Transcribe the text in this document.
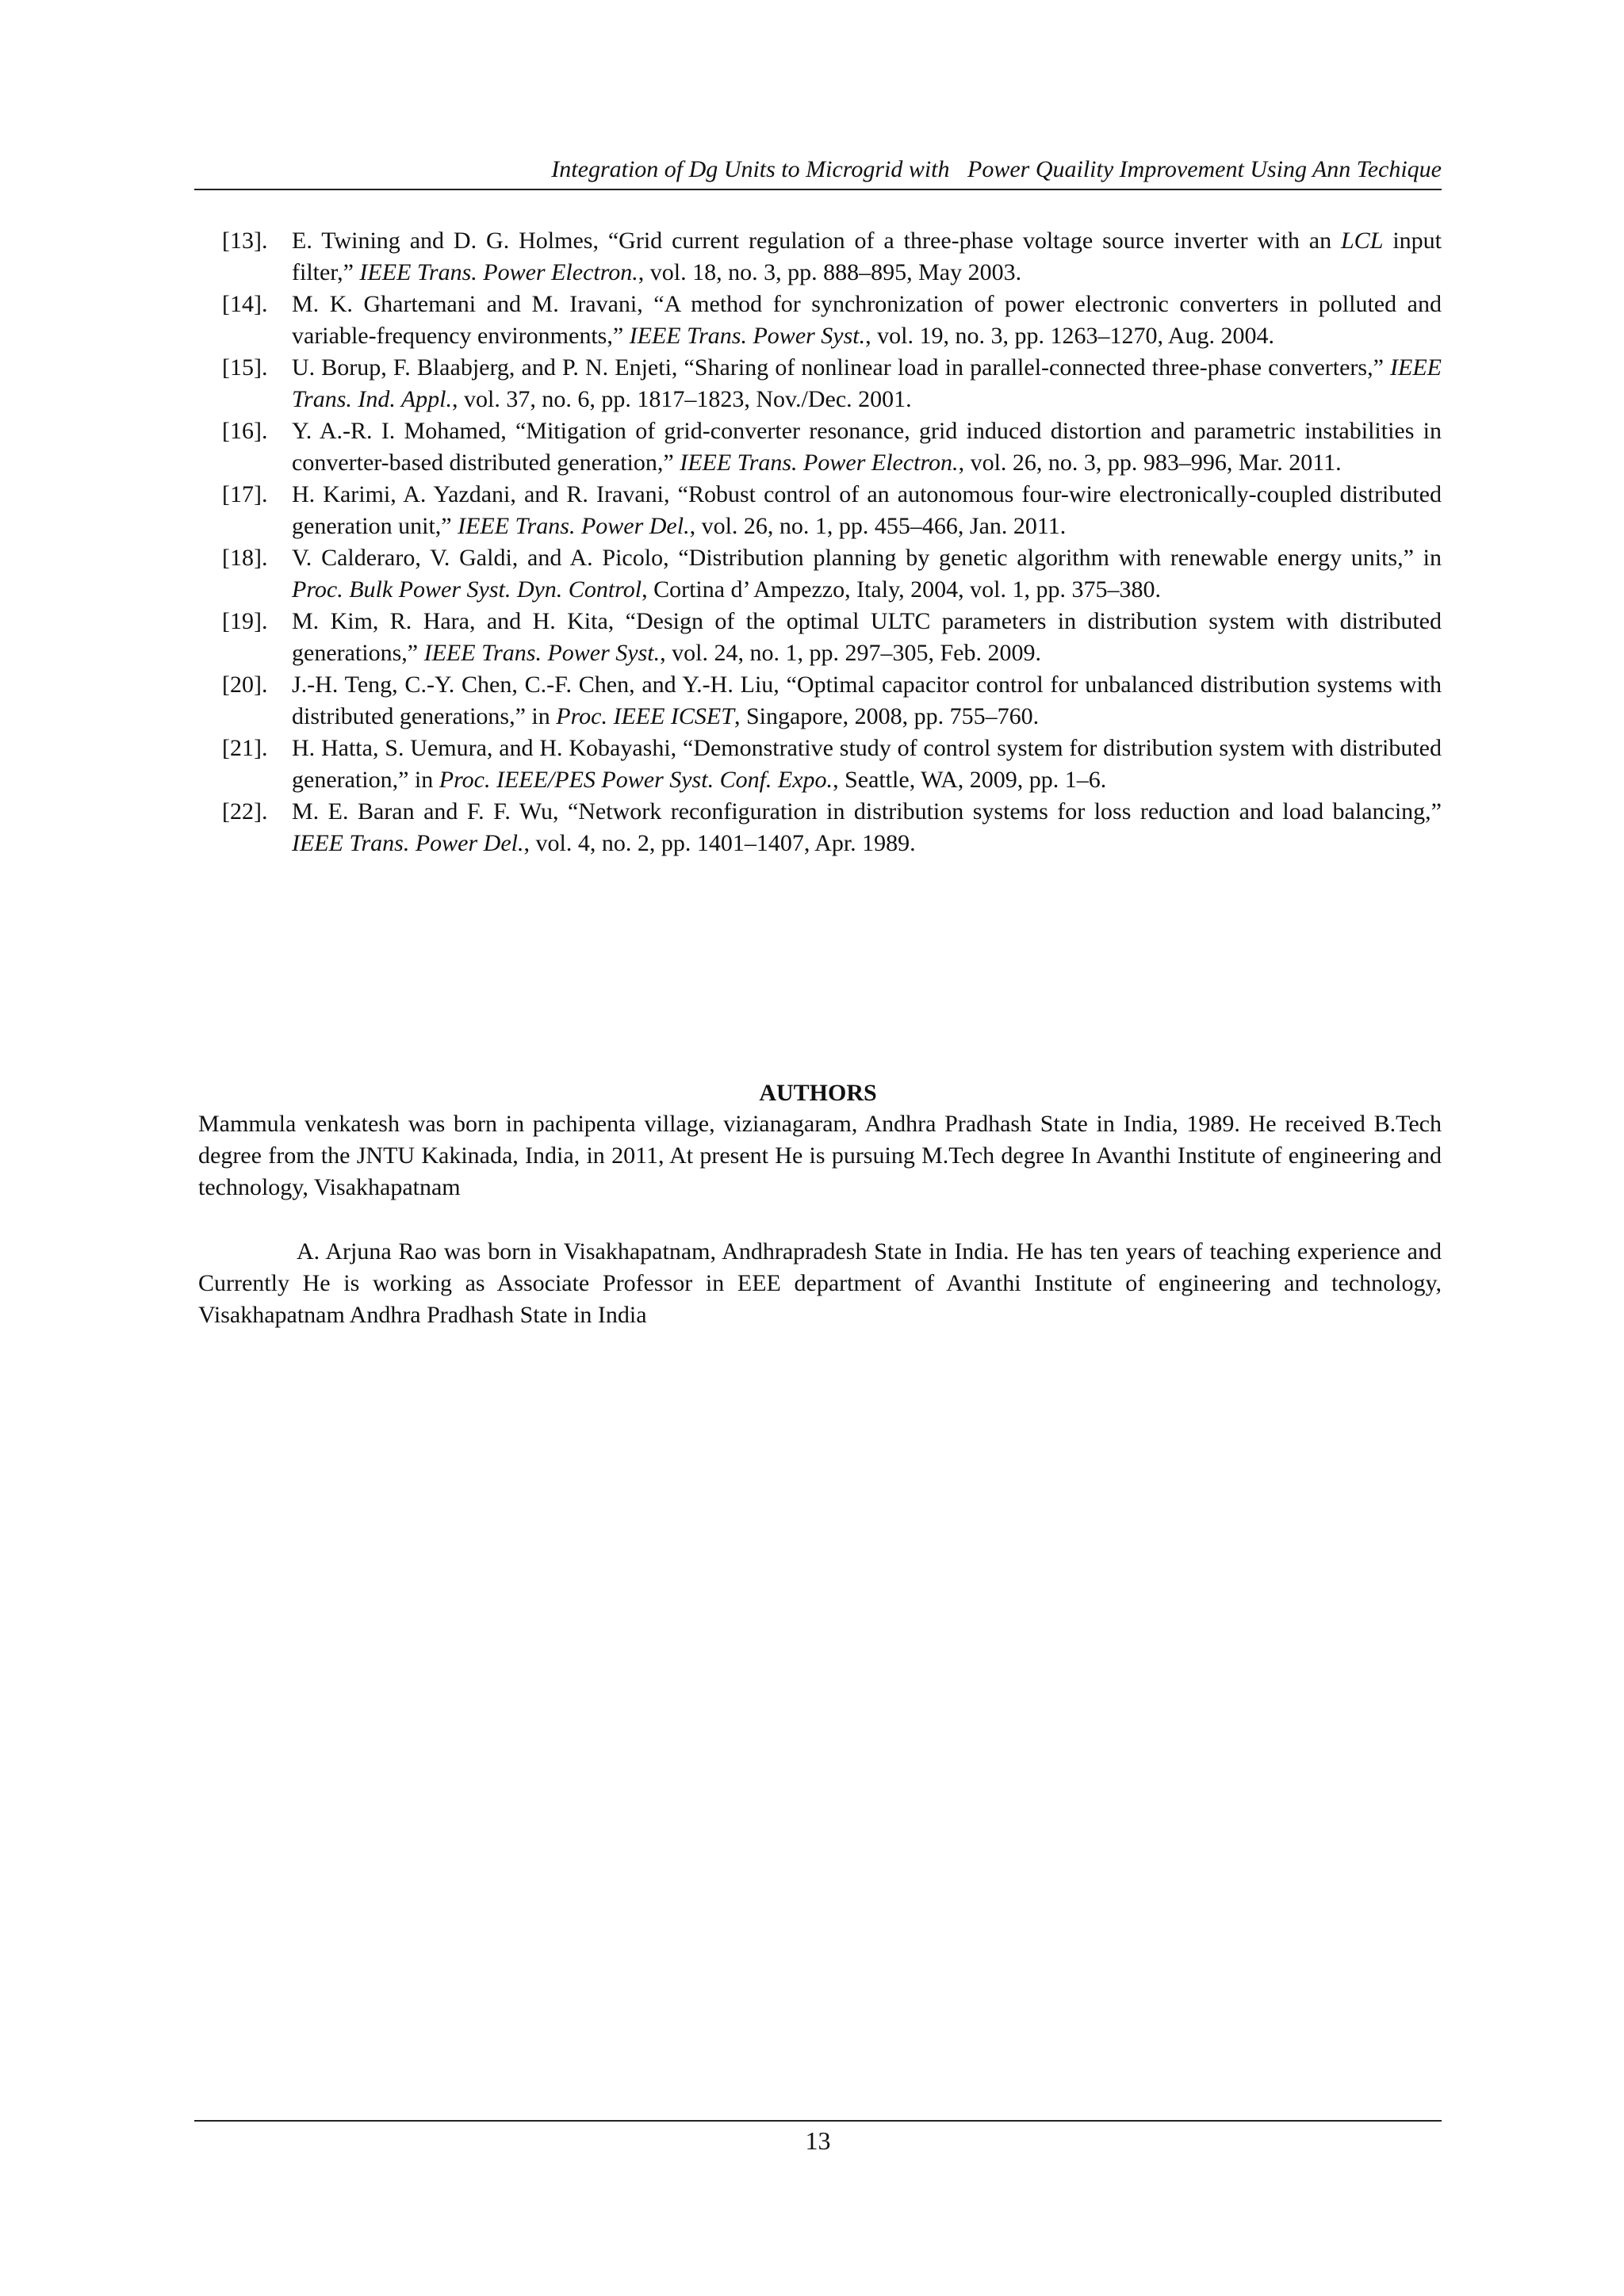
Integration of Dg Units to Microgrid with   Power Quaility Improvement Using Ann Techique
[13].	E. Twining and D. G. Holmes, “Grid current regulation of a three-phase voltage source inverter with an LCL input filter,” IEEE Trans. Power Electron., vol. 18, no. 3, pp. 888–895, May 2003.
[14].	M. K. Ghartemani and M. Iravani, “A method for synchronization of power electronic converters in polluted and variable-frequency environments,” IEEE Trans. Power Syst., vol. 19, no. 3, pp. 1263–1270, Aug. 2004.
[15].	U. Borup, F. Blaabjerg, and P. N. Enjeti, “Sharing of nonlinear load in parallel-connected three-phase converters,” IEEE Trans. Ind. Appl., vol. 37, no. 6, pp. 1817–1823, Nov./Dec. 2001.
[16].	Y. A.-R. I. Mohamed, “Mitigation of grid-converter resonance, grid induced distortion and parametric instabilities in converter-based distributed generation,” IEEE Trans. Power Electron., vol. 26, no. 3, pp. 983–996, Mar. 2011.
[17].	H. Karimi, A. Yazdani, and R. Iravani, “Robust control of an autonomous four-wire electronically-coupled distributed generation unit,” IEEE Trans. Power Del., vol. 26, no. 1, pp. 455–466, Jan. 2011.
[18].	V. Calderaro, V. Galdi, and A. Picolo, “Distribution planning by genetic algorithm with renewable energy units,” in Proc. Bulk Power Syst. Dyn. Control, Cortina d’ Ampezzo, Italy, 2004, vol. 1, pp. 375–380.
[19].	M. Kim, R. Hara, and H. Kita, “Design of the optimal ULTC parameters in distribution system with distributed generations,” IEEE Trans. Power Syst., vol. 24, no. 1, pp. 297–305, Feb. 2009.
[20].	J.-H. Teng, C.-Y. Chen, C.-F. Chen, and Y.-H. Liu, “Optimal capacitor control for unbalanced distribution systems with distributed generations,” in Proc. IEEE ICSET, Singapore, 2008, pp. 755–760.
[21].	H. Hatta, S. Uemura, and H. Kobayashi, “Demonstrative study of control system for distribution system with distributed generation,” in Proc. IEEE/PES Power Syst. Conf. Expo., Seattle, WA, 2009, pp. 1–6.
[22].	M. E. Baran and F. F. Wu, “Network reconfiguration in distribution systems for loss reduction and load balancing,” IEEE Trans. Power Del., vol. 4, no. 2, pp. 1401–1407, Apr. 1989.
AUTHORS

Mammula venkatesh was born in pachipenta village, vizianagaram, Andhra Pradhash State in India, 1989. He received B.Tech degree from the JNTU Kakinada, India, in 2011, At present He is pursuing M.Tech degree In Avanthi Institute of engineering and technology, Visakhapatnam

A. Arjuna Rao was born in Visakhapatnam, Andhrapradesh State in India. He has ten years of teaching experience and Currently He is working as Associate Professor in EEE department of Avanthi Institute of engineering and technology, Visakhapatnam Andhra Pradhash State in India

13
